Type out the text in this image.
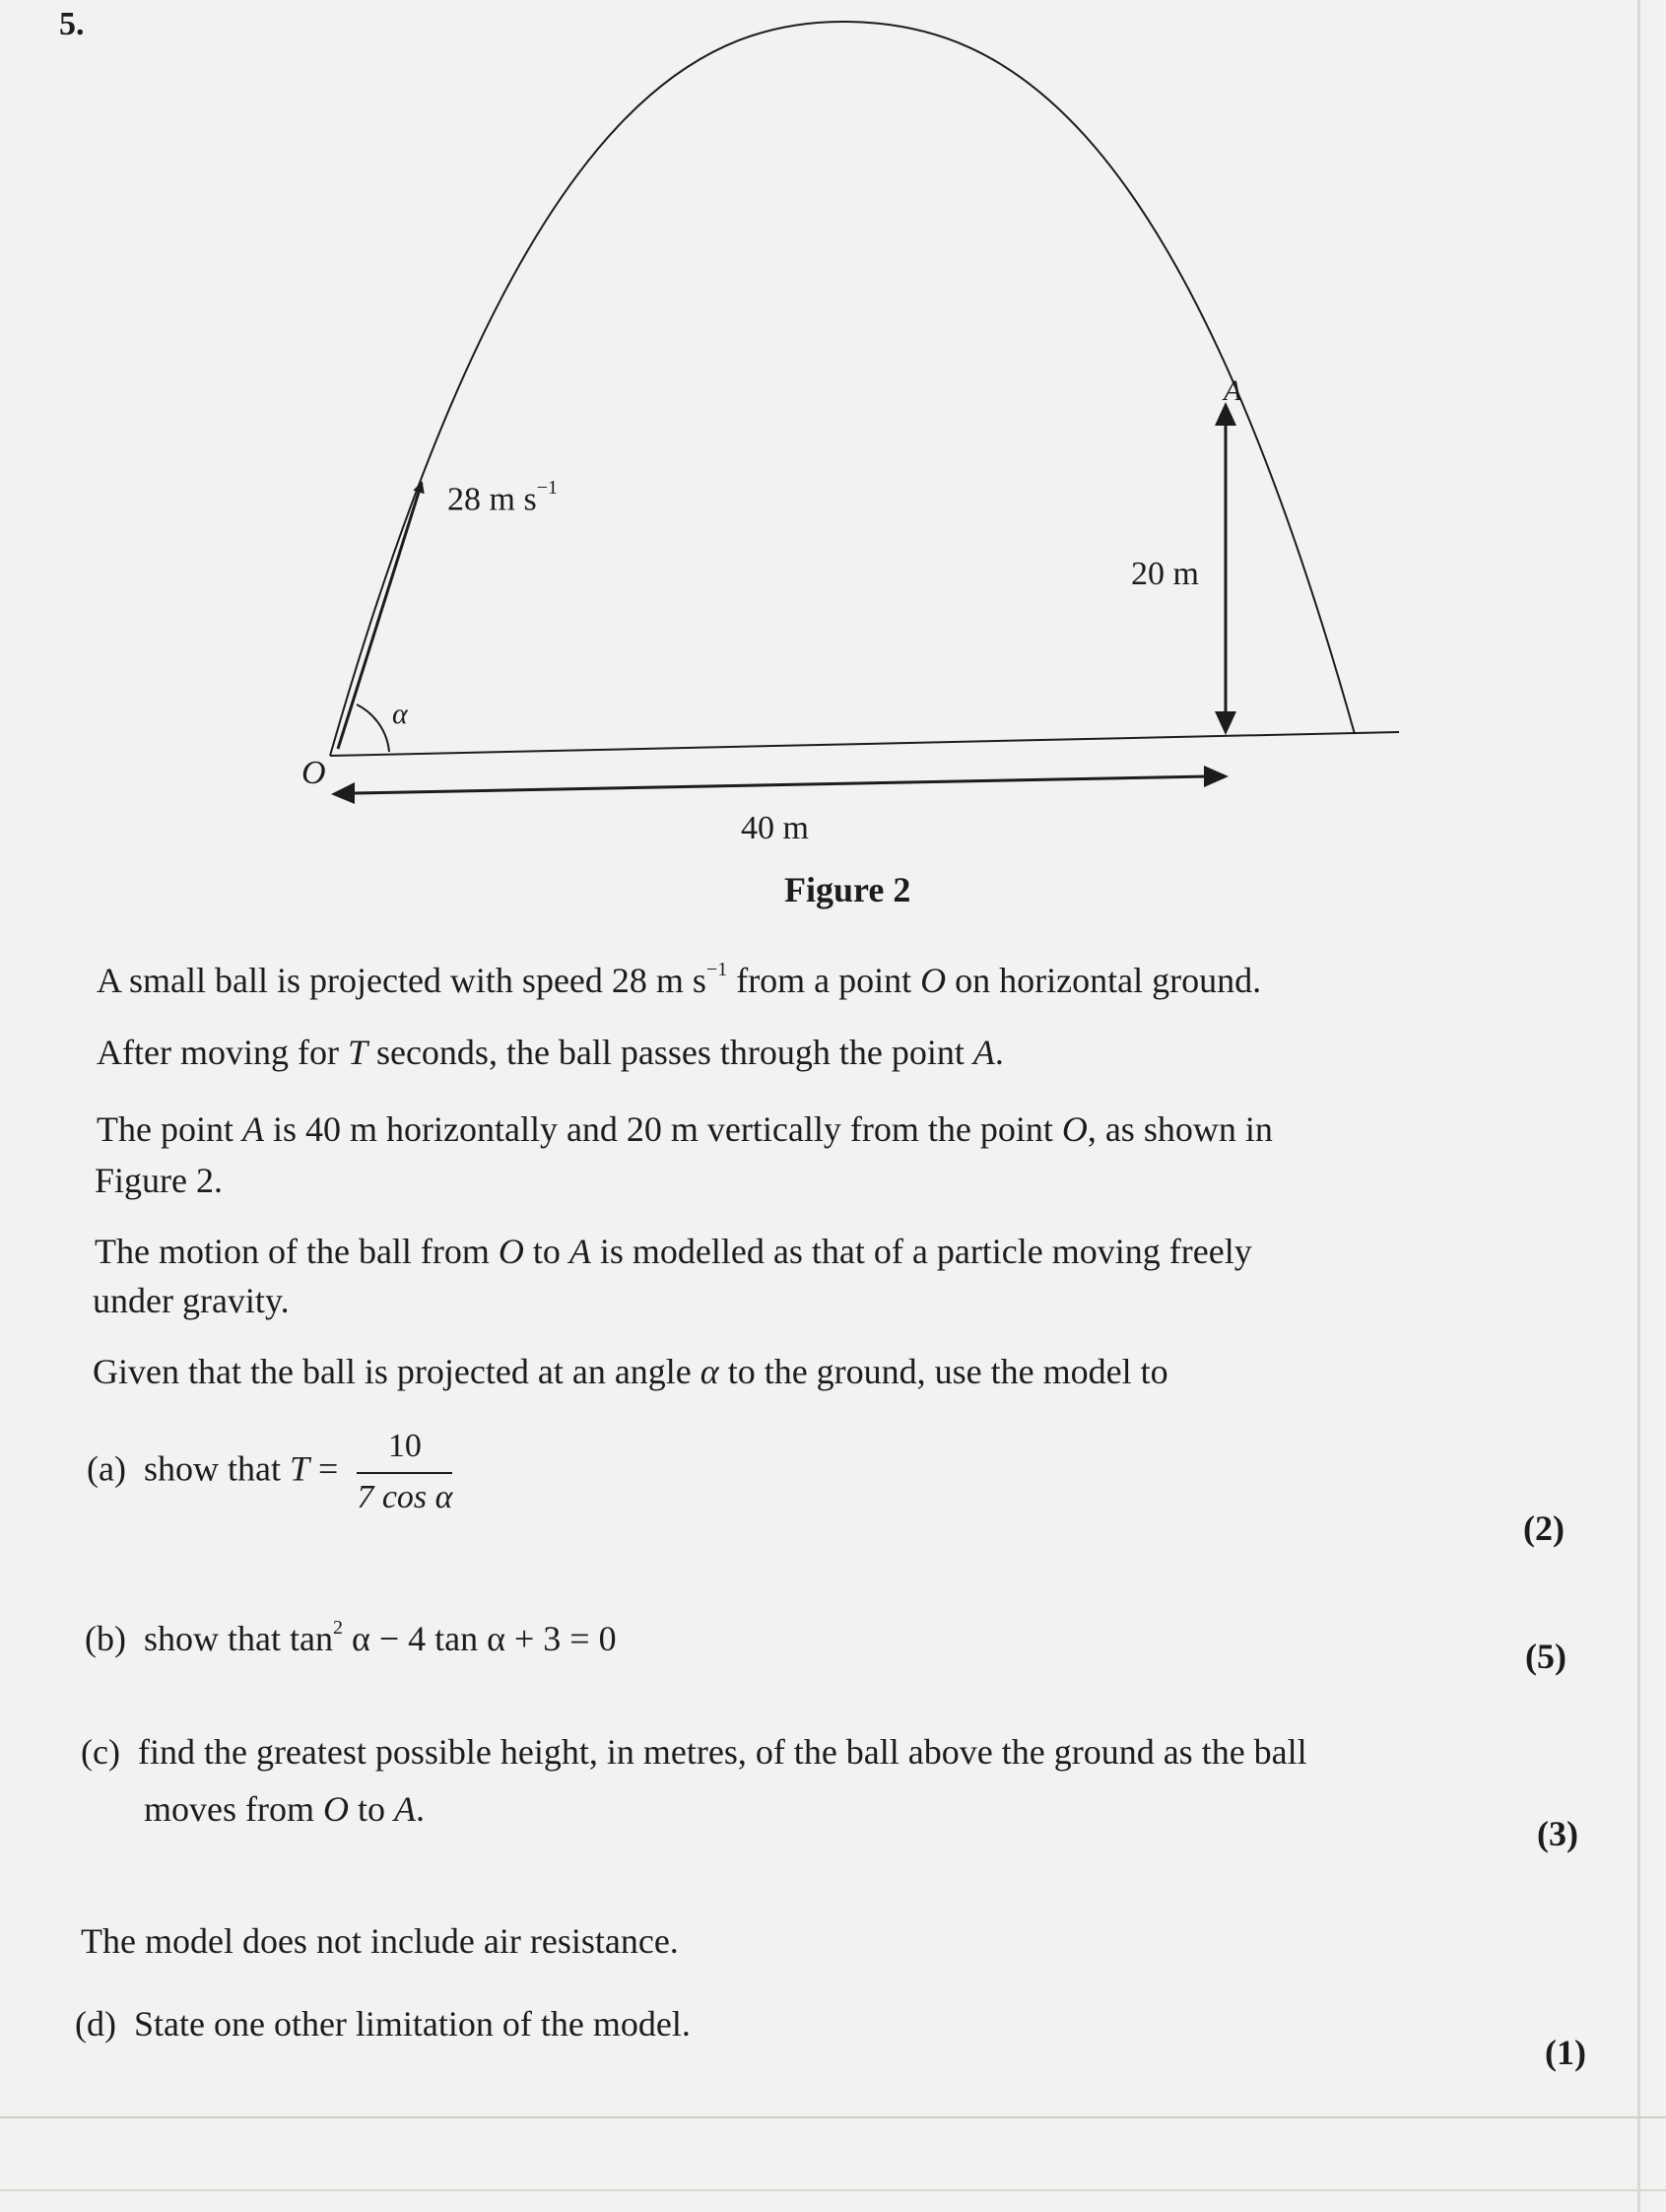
5.
28 m $s^{-1}$
α
O
A
20 m
40 m
Figure 2
A small ball is projected with speed 28 m $s^{-1}$ from a point O on horizontal ground.
After moving for T seconds, the ball passes through the point A.
The point A is 40 m horizontally and 20 m vertically from the point O, as shown in
Figure 2.
The motion of the ball from O to A is modelled as that of a particle moving freely
under gravity.
Given that the ball is projected at an angle α to the ground, use the model to
(a) show that $T = \frac{10}{\text{7 cos α}}$
(2)
(b) show that $\tan^2 \alpha - 4$ tan α + 3 = 0	(5)
(c) find the greatest possible height, in metres, of the ball above the ground as the ball
moves from O to A.
(3)
The model does not include air resistance.
(d) State one other limitation of the model.
(1)
